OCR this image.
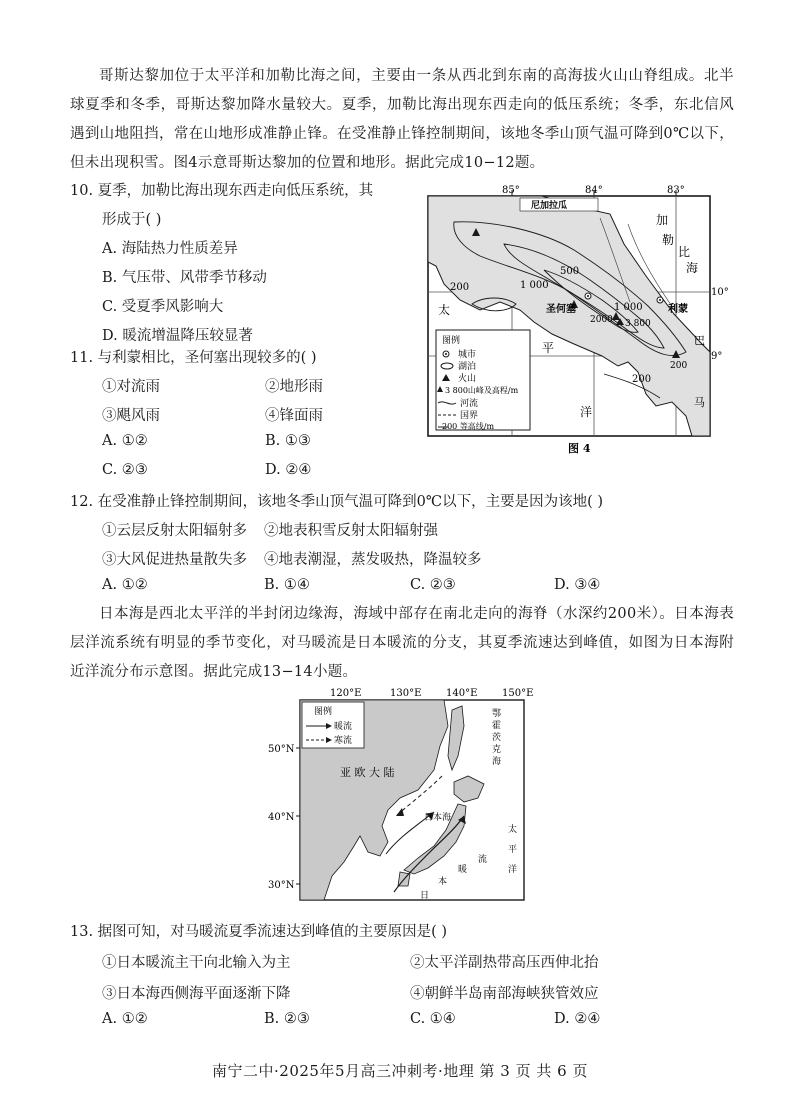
哥斯达黎加位于太平洋和加勒比海之间，主要由一条从西北到东南的高海拔火山山脊组成。北半球夏季和冬季，哥斯达黎加降水量较大。夏季，加勒比海出现东西走向的低压系统；冬季，东北信风遇到山地阻挡，常在山地形成准静止锋。在受准静止锋控制期间，该地冬季山顶气温可降到0℃以下，但未出现积雪。图4示意哥斯达黎加的位置和地形。据此完成10−12题。
10. 夏季，加勒比海出现东西走向低压系统，其
形成于( )
A. 海陆热力性质差异
B. 气压带、风带季节移动
C. 受夏季风影响大
D. 暖流增温降压较显著
11. 与利蒙相比，圣何塞出现较多的( )
①对流雨	②地形雨
③飓风雨	④锋面雨
A. ①②	B. ①③
C. ②③	D. ②④
85°	84°	83°
10°
9°
尼加拉瓜
500
1 000
1 000
2000
200
200
200
圣何塞	利蒙
3 800
加
勒
比
海
太
平
洋
巴
马
图例
城市
湖泊
火山
3 800山峰及高程/m
河流
国界
200 等高线/m
图 4
12. 在受准静止锋控制期间，该地冬季山顶气温可降到0℃以下，主要是因为该地( )
①云层反射太阳辐射多 ②地表积雪反射太阳辐射强
③大风促进热量散失多 ④地表潮湿，蒸发吸热，降温较多
A. ①②	B. ①④	C. ②③	D. ③④
日本海是西北太平洋的半封闭边缘海，海域中部存在南北走向的海脊（水深约200米）。日本海表层洋流系统有明显的季节变化，对马暖流是日本暖流的分支，其夏季流速达到峰值，如图为日本海附近洋流分布示意图。据此完成13−14小题。
120°E	130°E 140°E 150°E
50°N
40°N
30°N
图例
暖流
寒流
亚 欧 大 陆
日本海
鄂霍茨克海
太平洋
日本暖流
13. 据图可知，对马暖流夏季流速达到峰值的主要原因是( )
①日本暖流主干向北输入为主	②太平洋副热带高压西伸北抬
③日本海西侧海平面逐渐下降	④朝鲜半岛南部海峡狭管效应
A. ①②	B. ②③	C. ①④	D. ②④
南宁二中·2025年5月高三冲刺考·地理 第 3 页 共 6 页
